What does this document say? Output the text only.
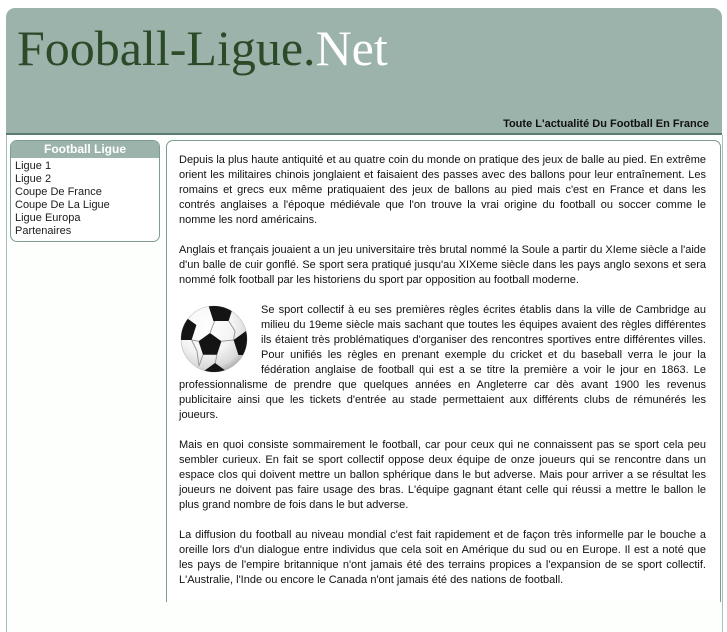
Fooball-Ligue.Net
Toute L'actualité Du Football En France
Football Ligue
Ligue 1
Ligue 2
Coupe De France
Coupe De La Ligue
Ligue Europa
Partenaires

Depuis la plus haute antiquité et au quatre coin du monde on pratique des jeux de balle au pied. En extrême orient les militaires chinois jonglaient et faisaient des passes avec des ballons pour leur entraînement. Les romains et grecs eux même pratiquaient des jeux de ballons au pied mais c'est en France et dans les contrés anglaises a l'époque médiévale que l'on trouve la vrai origine du football ou soccer comme le nomme les nord américains.

Anglais et français jouaient a un jeu universitaire très brutal nommé la Soule a partir du XIeme siècle a l'aide d'un balle de cuir gonflé. Se sport sera pratiqué jusqu'au XIXeme siècle dans les pays anglo sexons et sera nommé folk football par les historiens du sport par opposition au football moderne.

Se sport collectif à eu ses premières règles écrites établis dans la ville de Cambridge au milieu du 19eme siècle mais sachant que toutes les équipes avaient des règles différentes ils étaient très problématiques d'organiser des rencontres sportives entre différentes villes. Pour unifiés les règles en prenant exemple du cricket et du baseball verra le jour la fédération anglaise de football qui est a se titre la première a voir le jour en 1863. Le professionnalisme de prendre que quelques années en Angleterre car dès avant 1900 les revenus publicitaire ainsi que les tickets d'entrée au stade permettaient aux différents clubs de rémunérés les joueurs.

Mais en quoi consiste sommairement le football, car pour ceux qui ne connaissent pas se sport cela peu sembler curieux. En fait se sport collectif oppose deux équipe de onze joueurs qui se rencontre dans un espace clos qui doivent mettre un ballon sphérique dans le but adverse. Mais pour arriver a se résultat les joueurs ne doivent pas faire usage des bras. L'équipe gagnant étant celle qui réussi a mettre le ballon le plus grand nombre de fois dans le but adverse.

La diffusion du football au niveau mondial c'est fait rapidement et de façon très informelle par le bouche a oreille lors d'un dialogue entre individus que cela soit en Amérique du sud ou en Europe. Il est a noté que les pays de l'empire britannique n'ont jamais été des terrains propices a l'expansion de se sport collectif. L'Australie, l'Inde ou encore le Canada n'ont jamais été des nations de football.
